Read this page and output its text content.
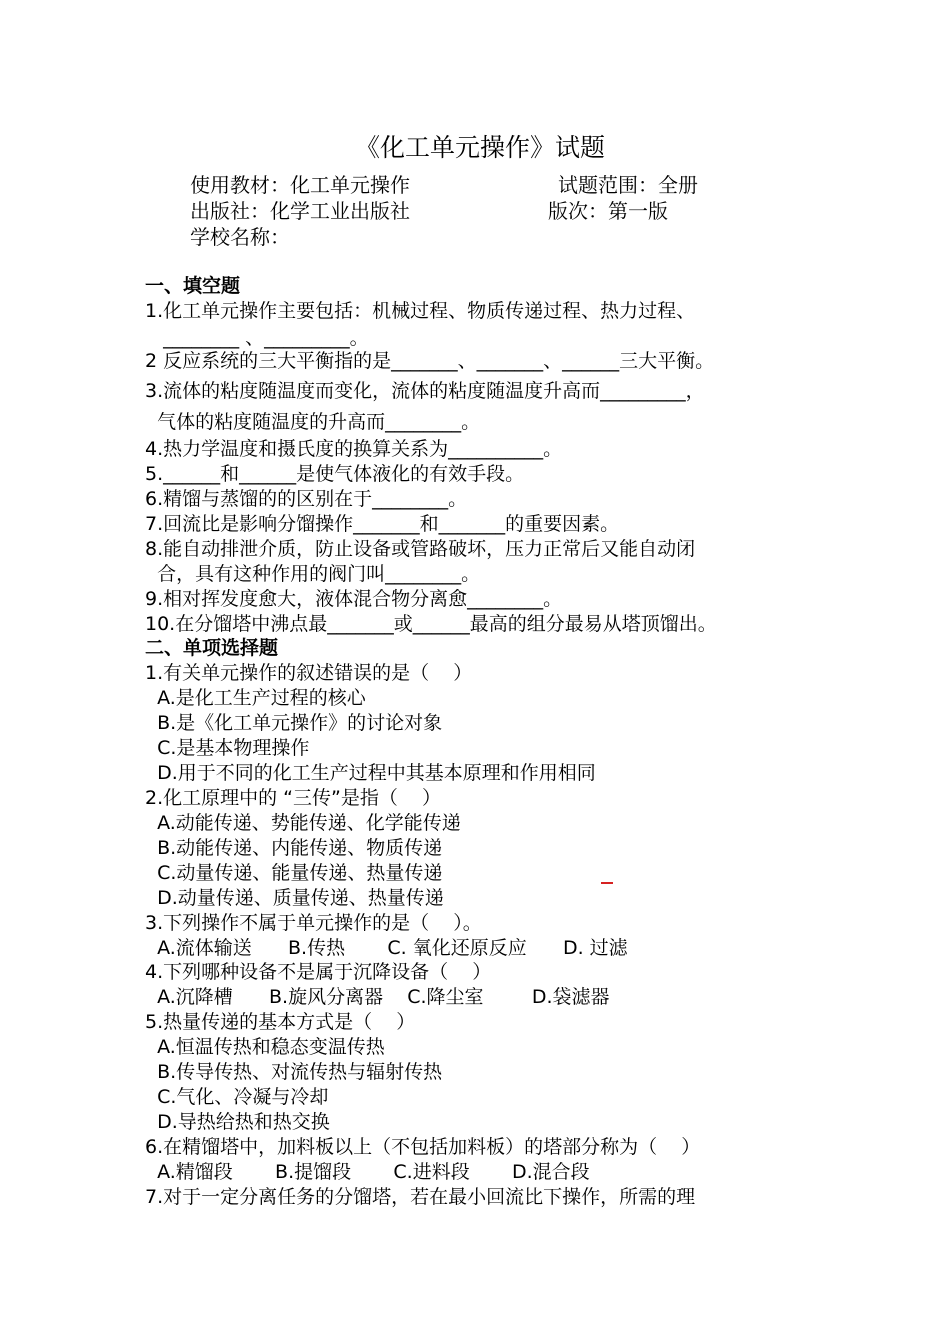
《化工单元操作》试题
使用教材：化工单元操作	试题范围：全册
出版社：化学工业出版社	版次：第一版
学校名称：
一、填空题
1.化工单元操作主要包括：机械过程、物质传递过程、热力过程、
________ 、_________。
2 反应系统的三大平衡指的是_______、_______、______三大平衡。
3.流体的粘度随温度而变化，流体的粘度随温度升高而_________，
气体的粘度随温度的升高而________。
4.热力学温度和摄氏度的换算关系为__________。
5.______和______是使气体液化的有效手段。
6.精馏与蒸馏的的区别在于________。
7.回流比是影响分馏操作_______和_______的重要因素。
8.能自动排泄介质，防止设备或管路破坏，压力正常后又能自动闭
合，具有这种作用的阀门叫________。
9.相对挥发度愈大，液体混合物分离愈________。
10.在分馏塔中沸点最_______或______最高的组分最易从塔顶馏出。
二、单项选择题
1.有关单元操作的叙述错误的是（    ）
A.是化工生产过程的核心
B.是《化工单元操作》的讨论对象
C.是基本物理操作
D.用于不同的化工生产过程中其基本原理和作用相同
2.化工原理中的 “三传”是指（    ）
A.动能传递、势能传递、化学能传递
B.动能传递、内能传递、物质传递
C.动量传递、能量传递、热量传递
D.动量传递、质量传递、热量传递
3.下列操作不属于单元操作的是（    ）。
A.流体输送      B.传热       C. 氧化还原反应      D. 过滤
4.下列哪种设备不是属于沉降设备（    ）
A.沉降槽      B.旋风分离器    C.降尘室        D.袋滤器
5.热量传递的基本方式是（    ）
A.恒温传热和稳态变温传热
B.传导传热、对流传热与辐射传热
C.气化、冷凝与冷却
D.导热给热和热交换
6.在精馏塔中，加料板以上（不包括加料板）的塔部分称为（    ）
A.精馏段       B.提馏段       C.进料段       D.混合段
7.对于一定分离任务的分馏塔，若在最小回流比下操作，所需的理
